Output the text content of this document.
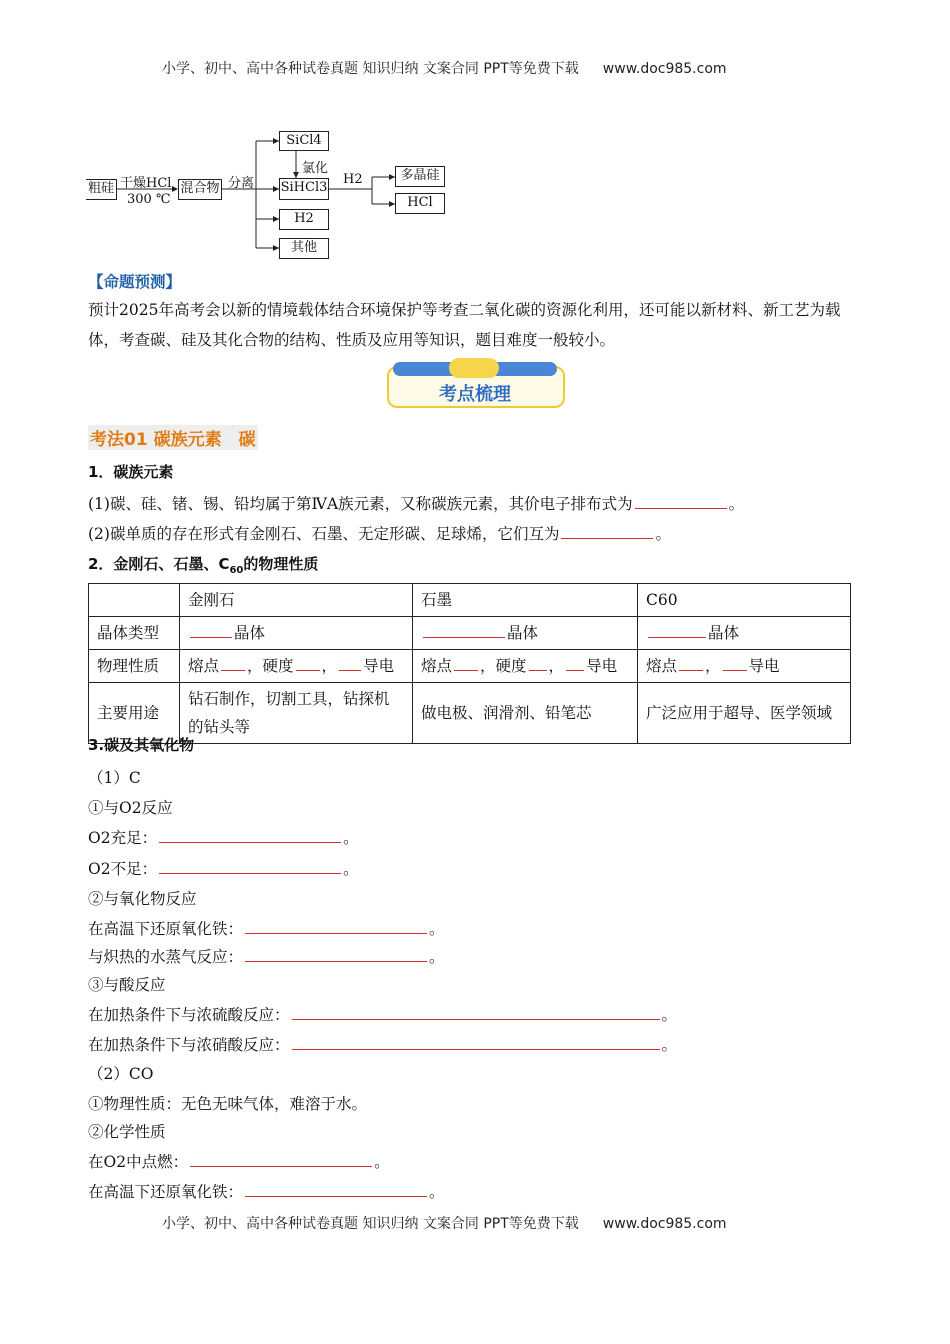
小学、初中、高中各种试卷真题 知识归纳 文案合同 PPT等免费下载 www.doc985.com
粗硅 干燥HCl
300 ℃
混合物 分离
SiCl4
氯化
SiHCl3
H2
其他
H2	多晶硅
HCl
【命题预测】
预计2025年高考会以新的情境载体结合环境保护等考查二氧化碳的资源化利用，还可能以新材料、新工艺为载体，考查碳、硅及其化合物的结构、性质及应用等知识，题目难度一般较小。
考点梳理
考法01 碳族元素　碳
1．碳族元素
(1)碳、硅、锗、锡、铅均属于第ⅣA族元素，又称碳族元素，其价电子排布式为	。
(2)碳单质的存在形式有金刚石、石墨、无定形碳、足球烯，它们互为	。
2．金刚石、石墨、$C_{60}$的物理性质
	金刚石	石墨	C60
晶体类型	晶体	晶体	晶体
物理性质	熔点 ，硬度 ， 导电	熔点 ，硬度 ， 导电	熔点 ， 导电
主要用途	钻石制作，切割工具，钻探机的钻头等	做电极、润滑剂、铅笔芯	广泛应用于超导、医学领域
3.碳及其氧化物
（1）C
①与O2反应
O2充足：	。
O2不足：	。
②与氧化物反应
在高温下还原氧化铁：	。
与炽热的水蒸气反应：	。
③与酸反应
在加热条件下与浓硫酸反应：	。
在加热条件下与浓硝酸反应：	。
（2）CO
①物理性质：无色无味气体，难溶于水。
②化学性质
在O2中点燃：	。
在高温下还原氧化铁：	。
小学、初中、高中各种试卷真题 知识归纳 文案合同 PPT等免费下载 www.doc985.com
